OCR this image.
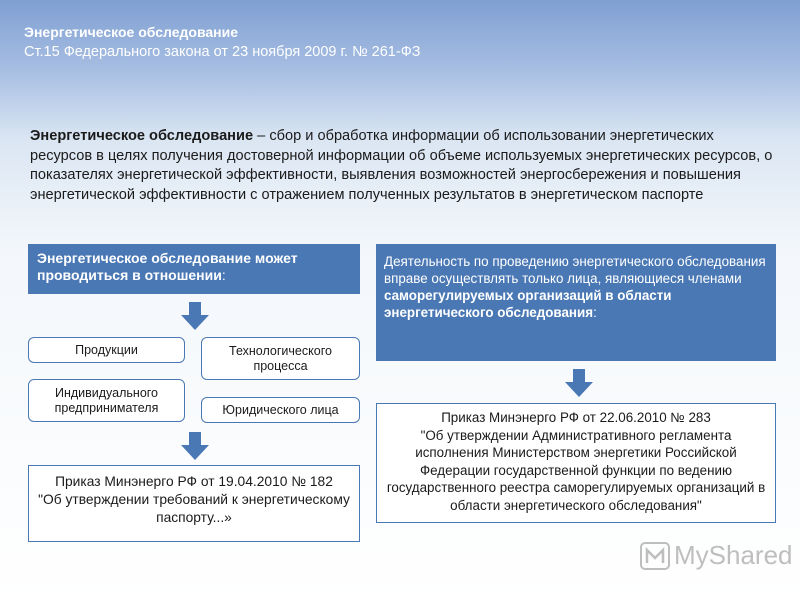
Энергетическое обследование
Ст.15 Федерального закона от 23 ноября 2009 г. № 261-ФЗ
Энергетическое обследование – сбор и обработка информации об использовании энергетических ресурсов в целях получения достоверной информации об объеме используемых энергетических ресурсов, о показателях энергетической эффективности, выявления возможностей энергосбережения и повышения энергетической эффективности с отражением полученных результатов в энергетическом паспорте
Энергетическое обследование может проводиться в отношении:
Продукции	Технологического процесса
Индивидуального предпринимателя	Юридического лица
Приказ Минэнерго РФ от 19.04.2010 № 182
"Об утверждении требований к энергетическому паспорту...»
Деятельность по проведению энергетического обследования вправе осуществлять только лица, являющиеся членами саморегулируемых организаций в области энергетического обследования:
Приказ Минэнерго РФ от 22.06.2010 № 283
"Об утверждении Административного регламента исполнения Министерством энергетики Российской Федерации государственной функции по ведению государственного реестра саморегулируемых организаций в области энергетического обследования"
MyShared
